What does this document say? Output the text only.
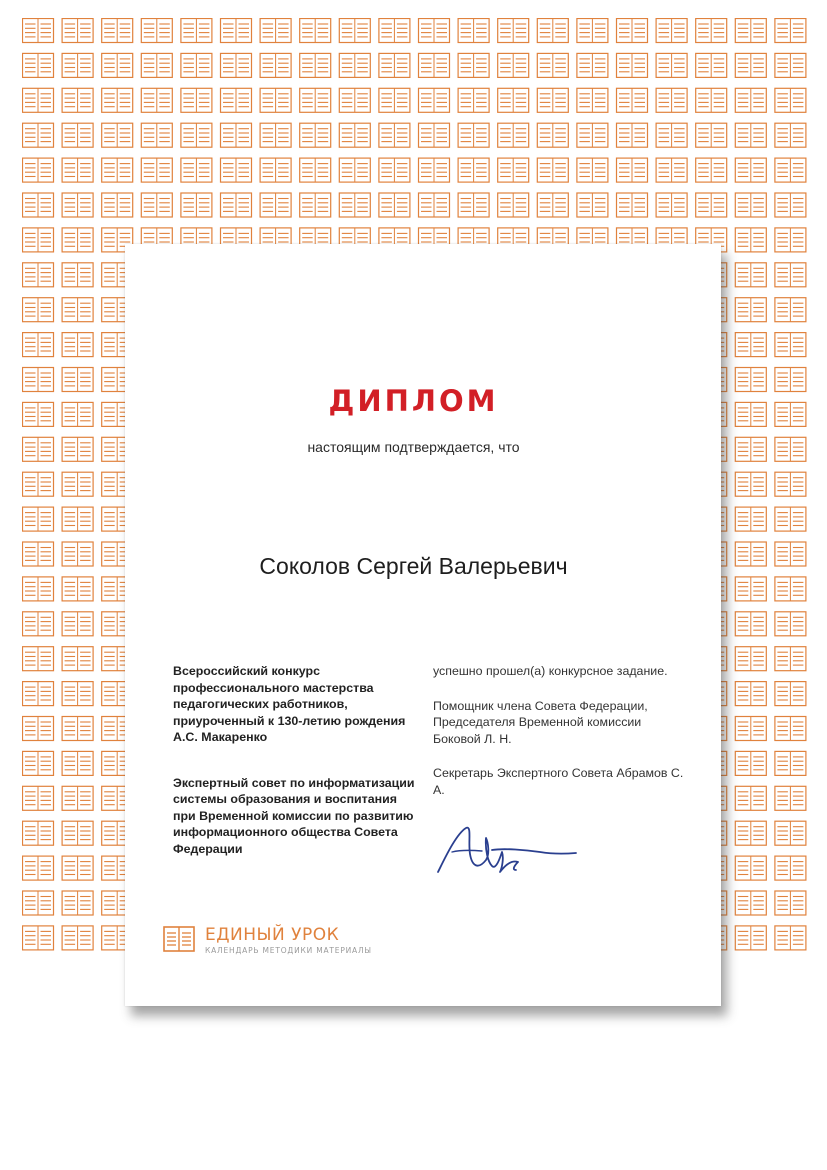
ДИПЛОМ
настоящим подтверждается, что
Соколов Сергей Валерьевич

Всероссийский конкурс профессионального мастерства педагогических работников, приуроченный к 130-летию рождения А.С. Макаренко

Экспертный совет по информатизации системы образования и воспитания при Временной комиссии по развитию информационного общества Совета Федерации

успешно прошел(а) конкурсное задание.

Помощник члена Совета Федерации, Председателя Временной комиссии Боковой Л. Н.

Секретарь Экспертного Совета Абрамов С. А.

ЕДИНЫЙ УРОК
КАЛЕНДАРЬ МЕТОДИКИ МАТЕРИАЛЫ
